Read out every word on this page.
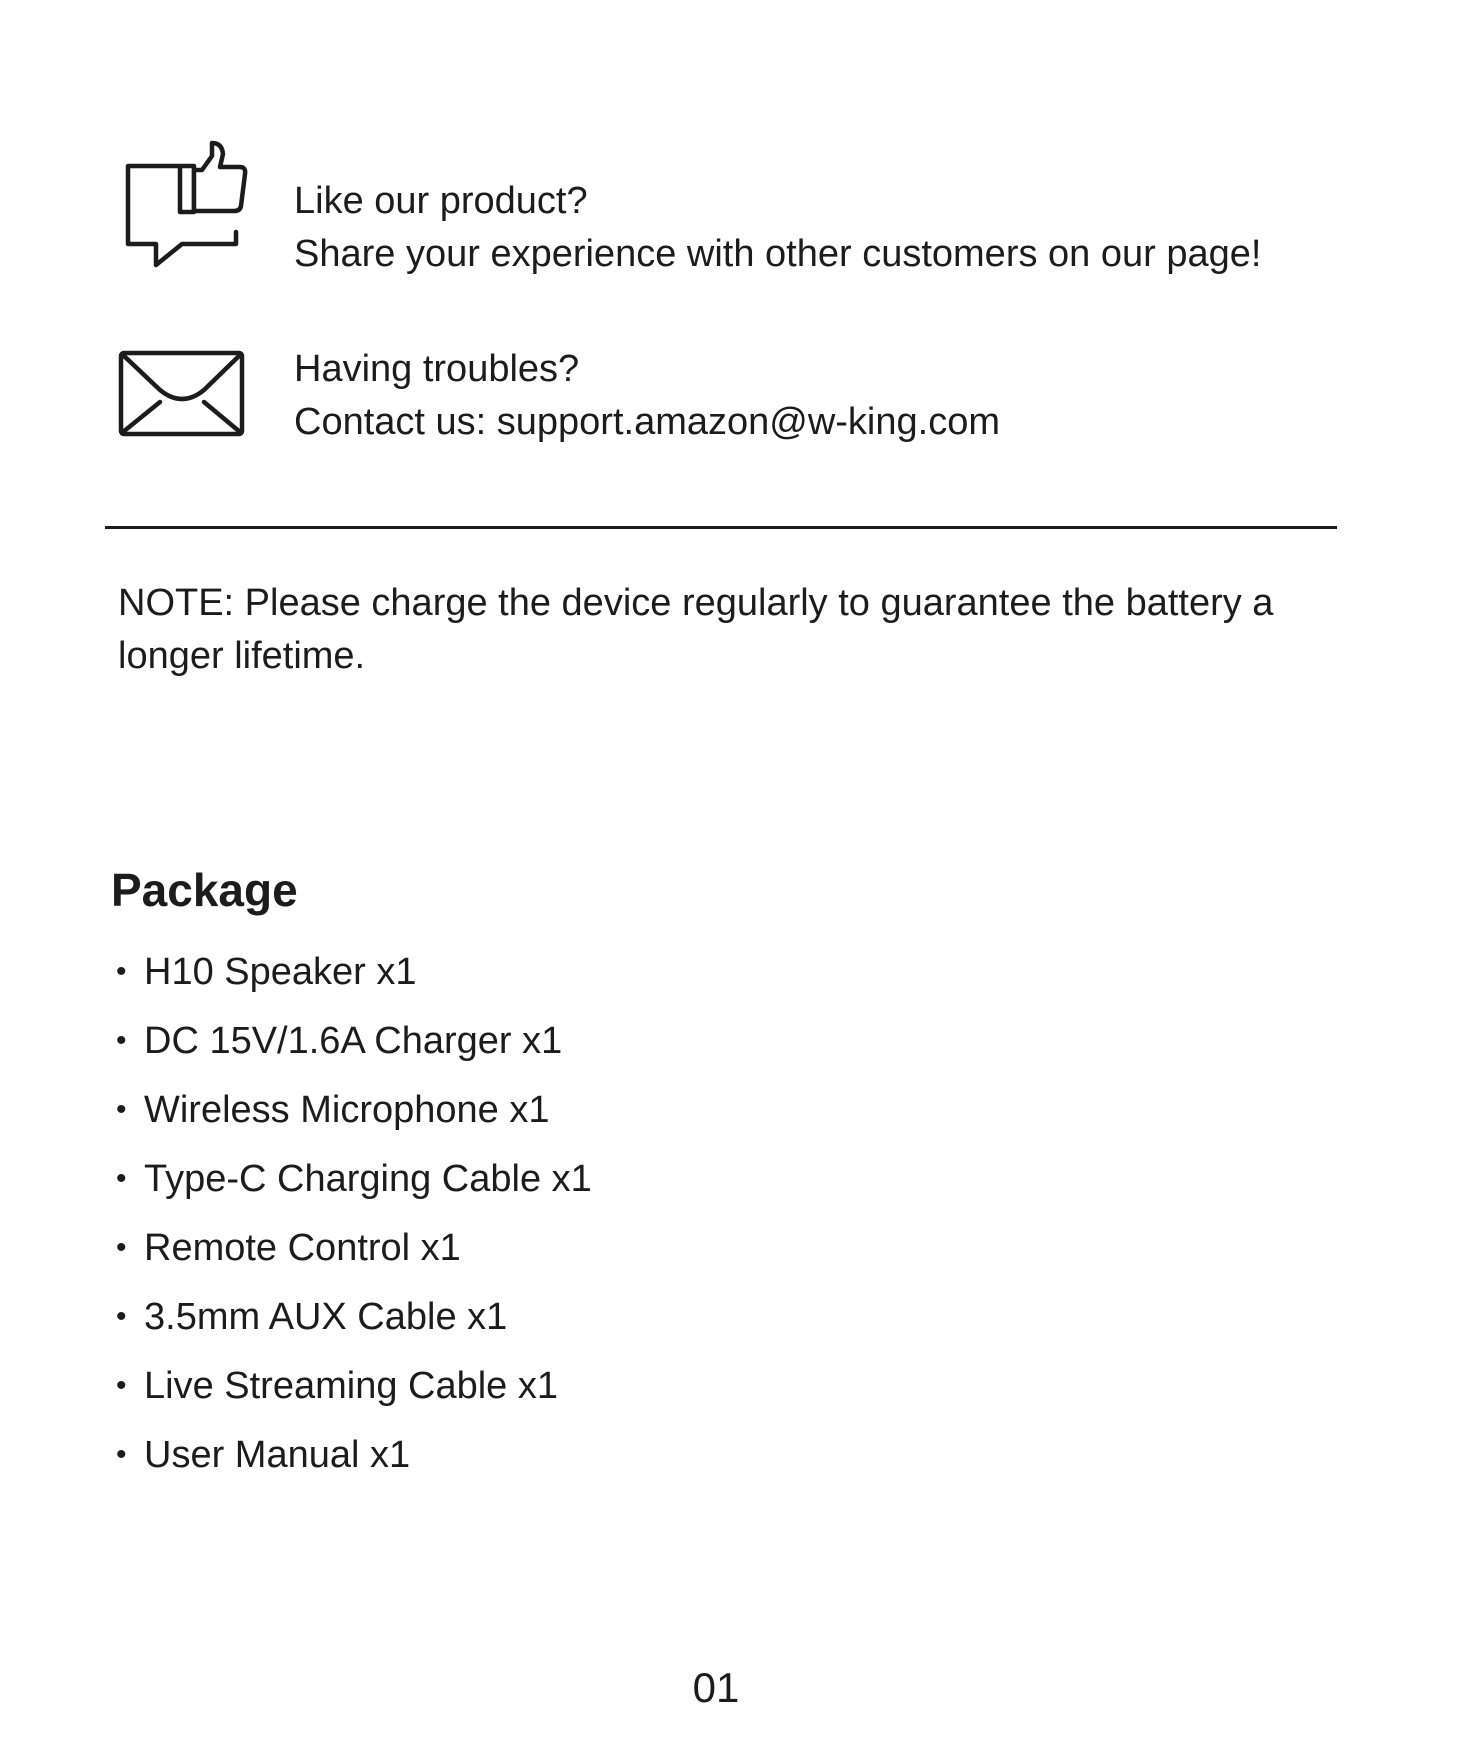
Like our product?
Share your experience with other customers on our page!
Having troubles?
Contact us: support.amazon@w-king.com
NOTE: Please charge the device regularly to guarantee the battery a longer lifetime.
Package
• H10 Speaker x1
• DC 15V/1.6A Charger x1
• Wireless Microphone x1
• Type-C Charging Cable x1
• Remote Control x1
• 3.5mm AUX Cable x1
• Live Streaming Cable x1
• User Manual x1
01
